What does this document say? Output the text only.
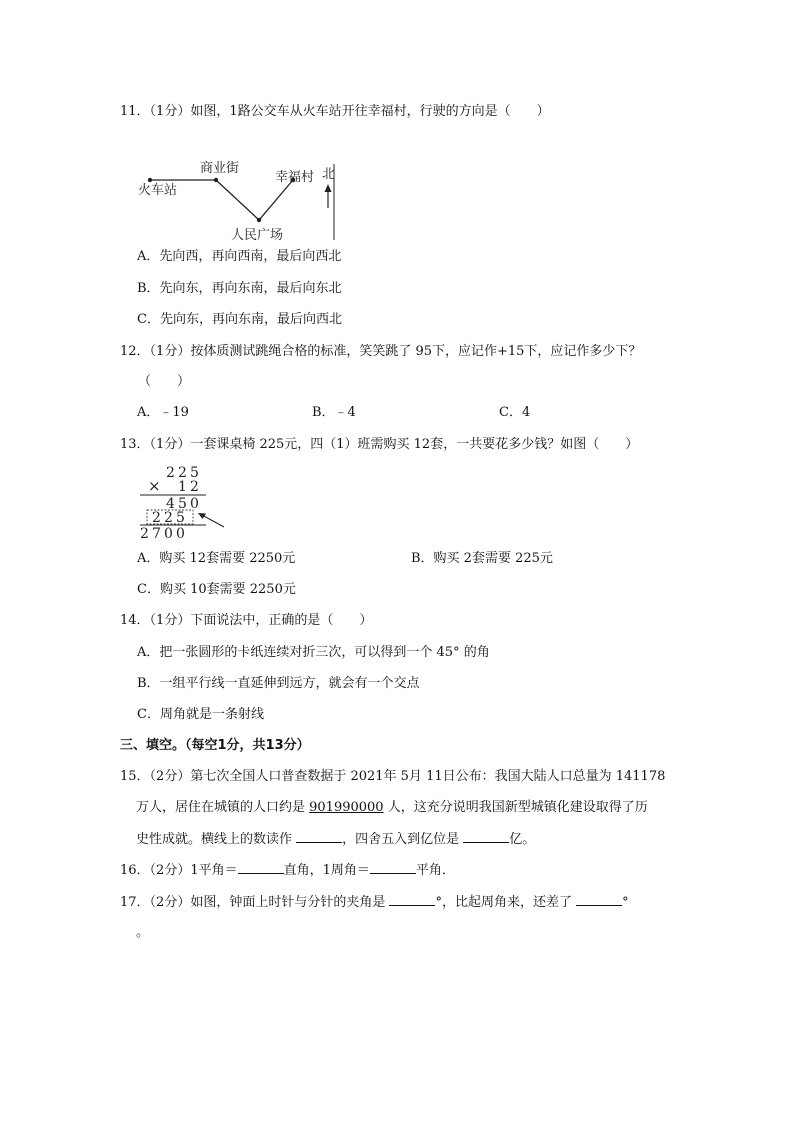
11．（1分）如图，1路公交车从火车站开往幸福村，行驶的方向是（　　）
火车站
商业街
人民广场
幸福村 北
A．先向西，再向西南，最后向西北
B．先向东，再向东南，最后向东北
C．先向东，再向东南，最后向西北
12．（1分）按体质测试跳绳合格的标准，笑笑跳了 95下，应记作+15下，应记作多少下？
（　　）
A．﹣19	B．﹣4	C．4
13．（1分）一套课桌椅 225元，四（1）班需购买 12套，一共要花多少钱？如图（　　）
2 2 5
× 1 2
4 5 0
2 2 5
2 7 0 0
A．购买 12套需要 2250元	B．购买 2套需要 225元
C．购买 10套需要 2250元
14．（1分）下面说法中，正确的是（　　）
A．把一张圆形的卡纸连续对折三次，可以得到一个 45° 的角
B．一组平行线一直延伸到远方，就会有一个交点
C．周角就是一条射线
三、填空。（每空1分，共13分）
15．（2分）第七次全国人口普查数据于 2021年 5月 11日公布：我国大陆人口总量为 141178
万人，居住在城镇的人口约是 901990000 人，这充分说明我国新型城镇化建设取得了历
史性成就。横线上的数读作	，四舍五入到亿位是	亿。
16．（2分）1平角＝	直角，1周角＝	平角．
17．（2分）如图，钟面上时针与分针的夹角是	°，比起周角来，还差了	°
。
